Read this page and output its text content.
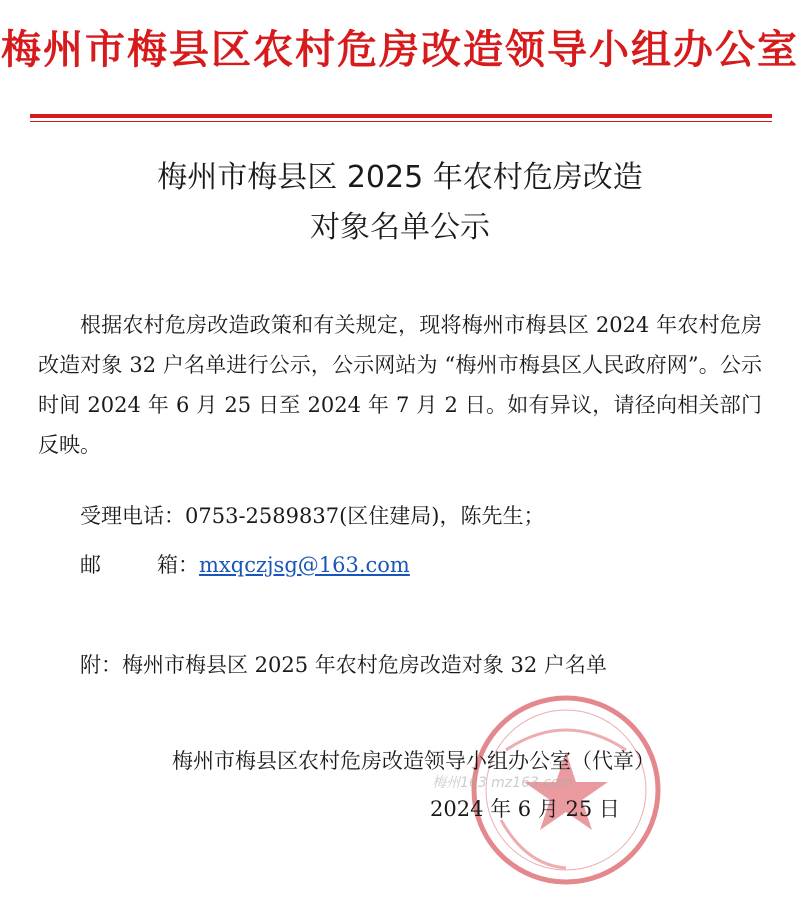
梅州市梅县区农村危房改造领导小组办公室
梅州市梅县区 2025 年农村危房改造
对象名单公示
根据农村危房改造政策和有关规定，现将梅州市梅县区 2024 年农村危房改造对象 32 户名单进行公示，公示网站为 “梅州市梅县区人民政府网”。公示时间 2024 年 6 月 25 日至 2024 年 7 月 2 日。如有异议，请径向相关部门反映。
受理电话：0753-2589837(区住建局)，陈先生；
邮	箱：mxqczjsg@163.com
附：梅州市梅县区 2025 年农村危房改造对象 32 户名单
梅州市梅县区农村危房改造领导小组办公室（代章）
2024 年 6 月 25 日
梅州163 mz163.com
